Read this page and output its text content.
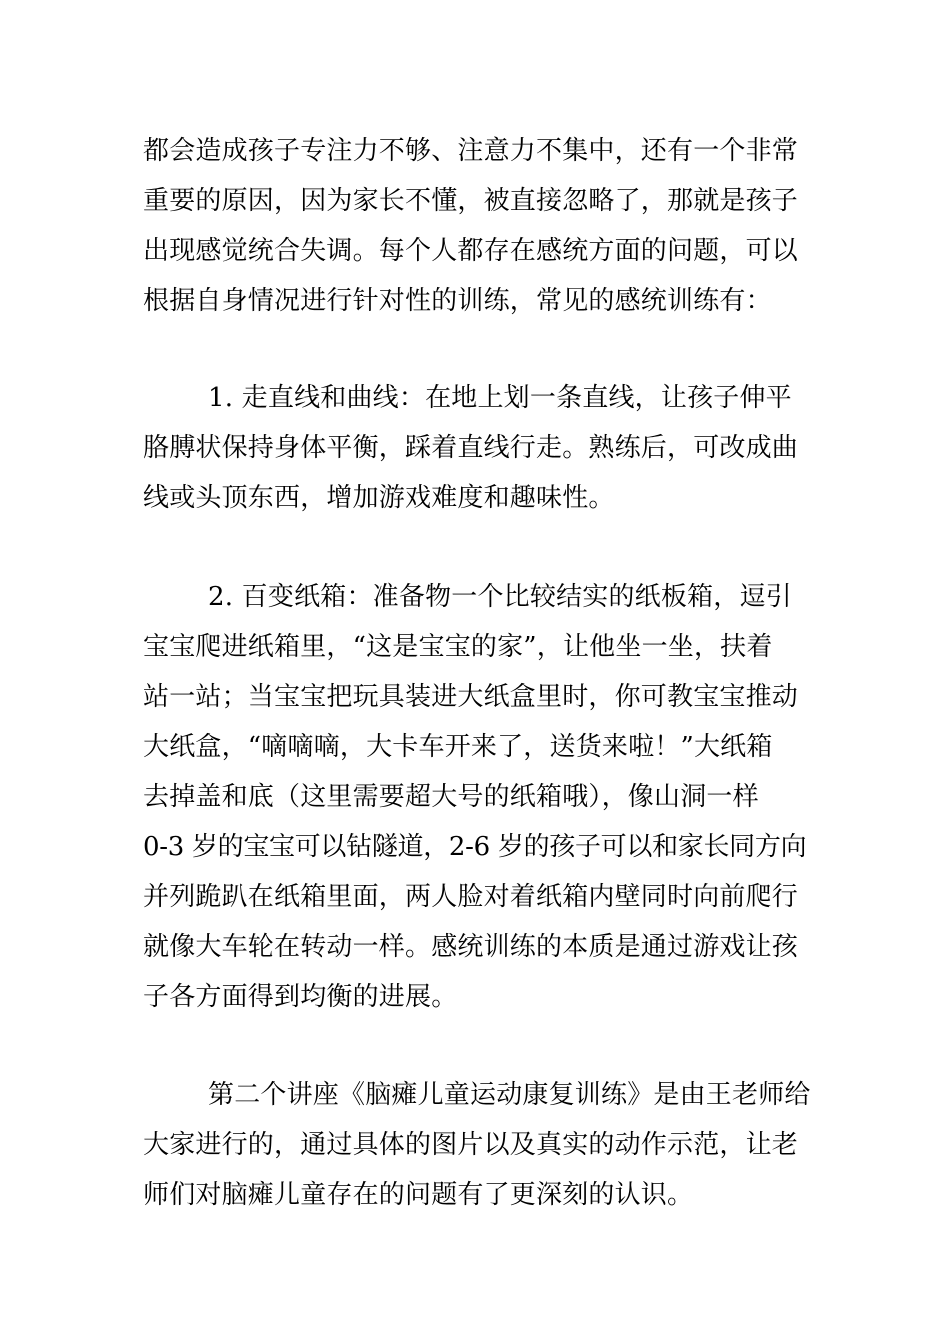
都会造成孩子专注力不够、注意力不集中，还有一个非常
重要的原因，因为家长不懂，被直接忽略了，那就是孩子
出现感觉统合失调。每个人都存在感统方面的问题，可以
根据自身情况进行针对性的训练，常见的感统训练有：
1. 走直线和曲线：在地上划一条直线，让孩子伸平
胳膊状保持身体平衡，踩着直线行走。熟练后，可改成曲
线或头顶东西，增加游戏难度和趣味性。
2. 百变纸箱：准备物一个比较结实的纸板箱，逗引
宝宝爬进纸箱里，“这是宝宝的家”，让他坐一坐，扶着
站一站；当宝宝把玩具装进大纸盒里时，你可教宝宝推动
大纸盒，“嘀嘀嘀，大卡车开来了，送货来啦！”大纸箱
去掉盖和底（这里需要超大号的纸箱哦），像山洞一样
0-3 岁的宝宝可以钻隧道，2-6 岁的孩子可以和家长同方向
并列跪趴在纸箱里面，两人脸对着纸箱内壁同时向前爬行
就像大车轮在转动一样。感统训练的本质是通过游戏让孩
子各方面得到均衡的进展。
第二个讲座《脑瘫儿童运动康复训练》是由王老师给
大家进行的，通过具体的图片以及真实的动作示范，让老
师们对脑瘫儿童存在的问题有了更深刻的认识。
